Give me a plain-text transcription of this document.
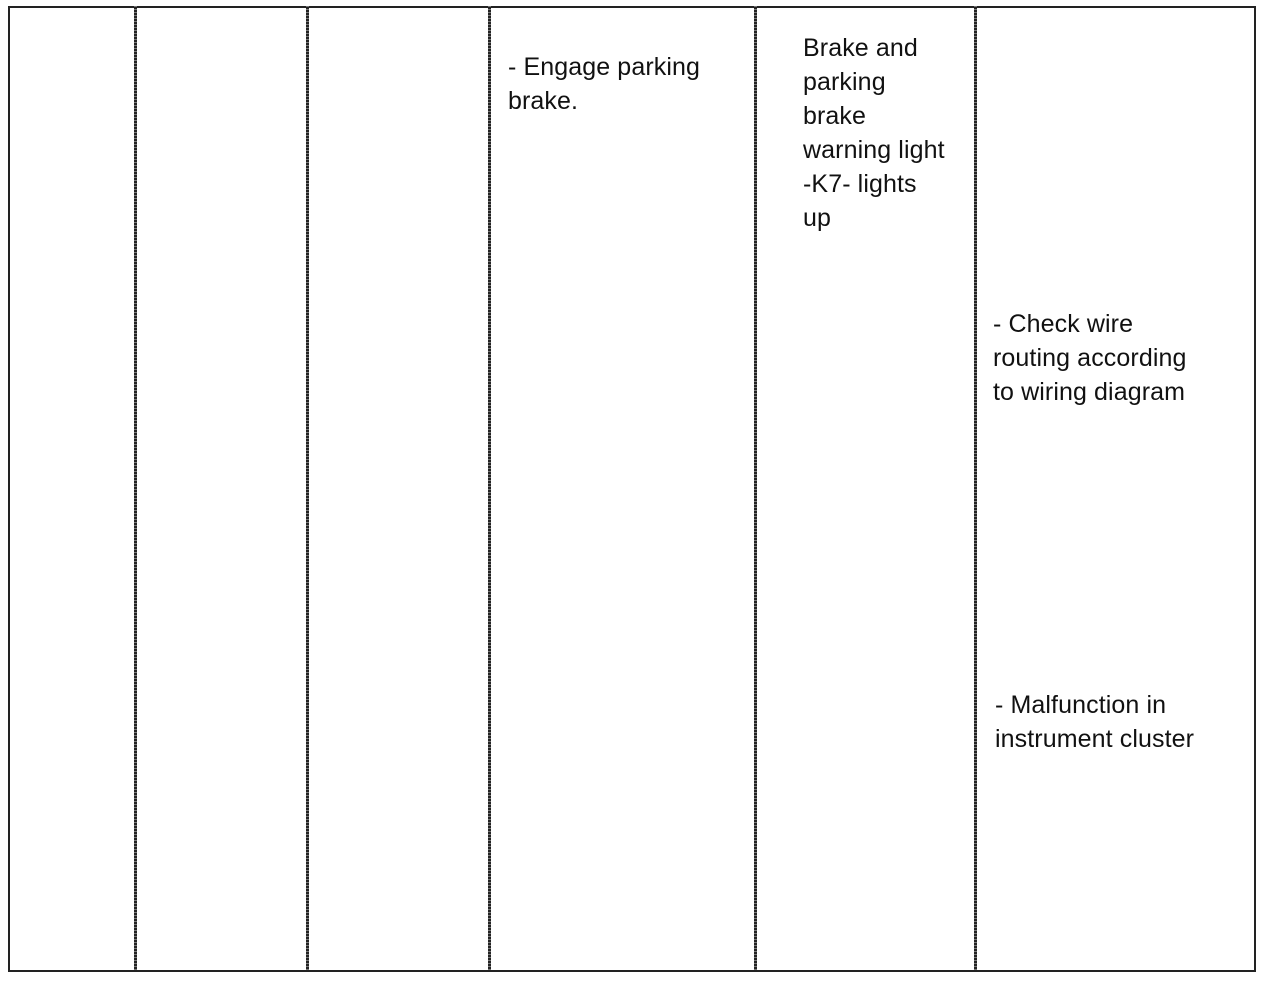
- Engage parking
brake.

Brake and
parking
brake
warning light
-K7- lights
up

- Check wire
routing according
to wiring diagram

- Malfunction in
instrument cluster
